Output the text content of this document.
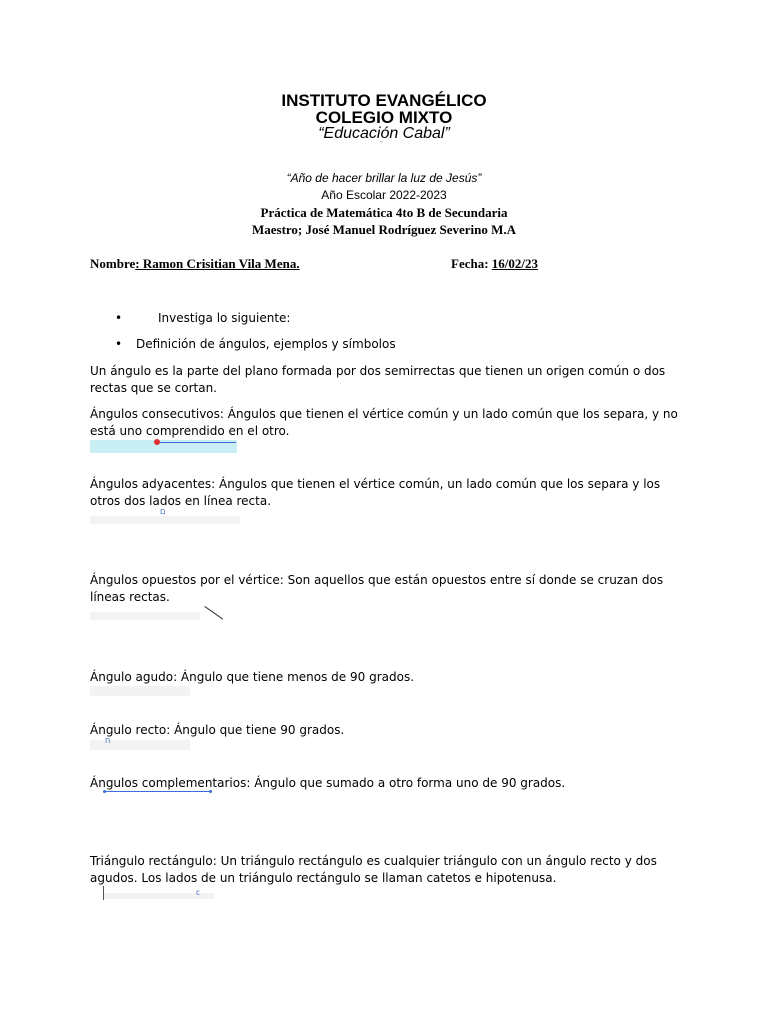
INSTITUTO EVANGÉLICO
COLEGIO MIXTO
“Educación Cabal”
ˇ
“Año de hacer brillar la luz de Jesús”
Año Escolar 2022-2023
Práctica de Matemática 4to B de Secundaria
Maestro; José Manuel Rodríguez Severino M.A
Nombre: Ramon Crisitian Vila Mena.	Fecha: 16/02/23
•	Investiga lo siguiente:
• Definición de ángulos, ejemplos y símbolos
Un ángulo es la parte del plano formada por dos semirrectas que tienen un origen común o dos rectas que se cortan.
Ángulos consecutivos: Ángulos que tienen el vértice común y un lado común que los separa, y no está uno comprendido en el otro.
Ángulos adyacentes: Ángulos que tienen el vértice común, un lado común que los separa y los otros dos lados en línea recta.
ם
Ángulos opuestos por el vértice: Son aquellos que están opuestos entre sí donde se cruzan dos líneas rectas.
Ángulo agudo: Ángulo que tiene menos de 90 grados.
Ángulo recto: Ángulo que tiene 90 grados.
ח
Ángulos complementarios: Ángulo que sumado a otro forma uno de 90 grados.
Triángulo rectángulo: Un triángulo rectángulo es cualquier triángulo con un ángulo recto y dos agudos. Los lados de un triángulo rectángulo se llaman catetos e hipotenusa.
ꞇ
